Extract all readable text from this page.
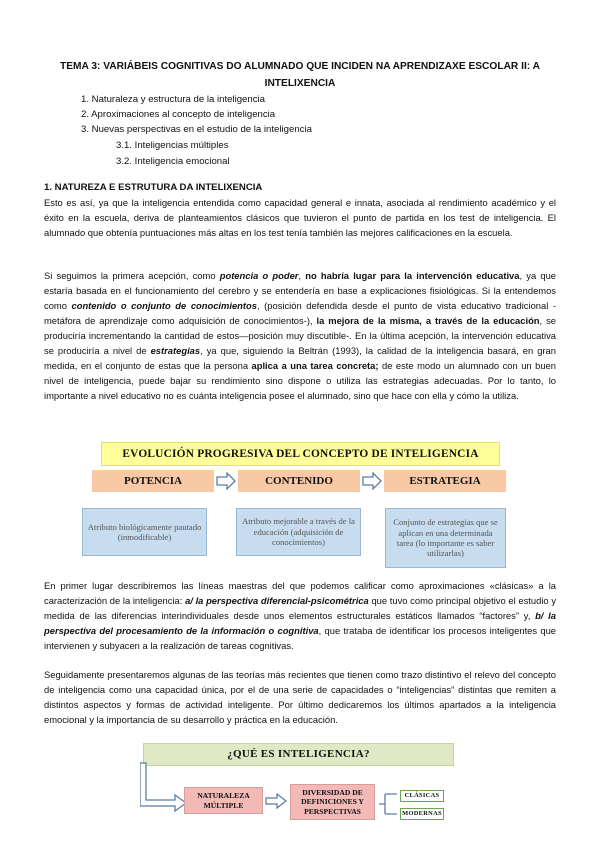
TEMA 3: VARIÁBEIS COGNITIVAS DO ALUMNADO QUE INCIDEN NA APRENDIZAXE ESCOLAR II: A INTELIXENCIA
1. Naturaleza y estructura de la inteligencia
2. Aproximaciones al concepto de inteligencia
3. Nuevas perspectivas en el estudio de la inteligencia
3.1. Inteligencias múltiples
3.2. Inteligencia emocional
1. NATUREZA E ESTRUTURA DA INTELIXENCIA
Esto es así, ya que la inteligencia entendida como capacidad general e innata, asociada al rendimiento académico y el éxito en la escuela, deriva de planteamientos clásicos que tuvieron el punto de partida en los test de inteligencia. El alumnado que obtenía puntuaciones más altas en los test tenía también las mejores calificaciones en la escuela.
Si seguimos la primera acepción, como potencia o poder, no habría lugar para la intervención educativa, ya que estaría basada en el funcionamiento del cerebro y se entendería en base a explicaciones fisiológicas. Si la entendemos como contenido o conjunto de conocimientos, (posición defendida desde el punto de vista educativo tradicional -metáfora de aprendizaje como adquisición de conocimientos-), la mejora de la misma, a través de la educación, se produciría incrementando la cantidad de estos—posición muy discutible-. En la última acepción, la intervención educativa se produciría a nivel de estrategias, ya que, siguiendo la Beltrán (1993), la calidad de la inteligencia basará, en gran medida, en el conjunto de estas que la persona aplica a una tarea concreta; de este modo un alumnado con un buen nivel de inteligencia, puede bajar su rendimiento sino dispone o utiliza las estrategias adecuadas. Por lo tanto, lo importante a nivel educativo no es cuánta inteligencia posee el alumnado, sino que hace con ella y cómo la utiliza.
EVOLUCIÓN PROGRESIVA DEL CONCEPTO DE INTELIGENCIA
POTENCIA	CONTENIDO	ESTRATEGIA
Atributo biológicamente pautado (inmodificable)
Atributo mejorable a través de la educación (adquisición de conocimientos)
Conjunto de estrategias que se aplican en una determinada tarea (lo importante es saber utilizarlas)
En primer lugar describiremos las líneas maestras del que podemos calificar como aproximaciones «clásicas» a la caracterización de la inteligencia: a/ la perspectiva diferencial-psicométrica que tuvo como principal objetivo el estudio y medida de las diferencias interindividuales desde unos elementos estructurales estáticos llamados “factores” y, b/ la perspectiva del procesamiento de la información o cognitiva, que trataba de identificar los procesos inteligentes que intervienen y subyacen a la realización de tareas cognitivas.
Seguidamente presentaremos algunas de las teorías más recientes que tienen como trazo distintivo el relevo del concepto de inteligencia como una capacidad única, por el de una serie de capacidades o “inteligencias” distintas que remiten a distintos aspectos y formas de actividad inteligente. Por último dedicaremos los últimos apartados a la inteligencia emocional y la importancia de su desarrollo y práctica en la educación.
¿QUÉ ES INTELIGENCIA?
NATURALEZA MÚLTIPLE
DIVERSIDAD DE DEFINICIONES Y PERSPECTIVAS
CLÁSICAS
MODERNAS
